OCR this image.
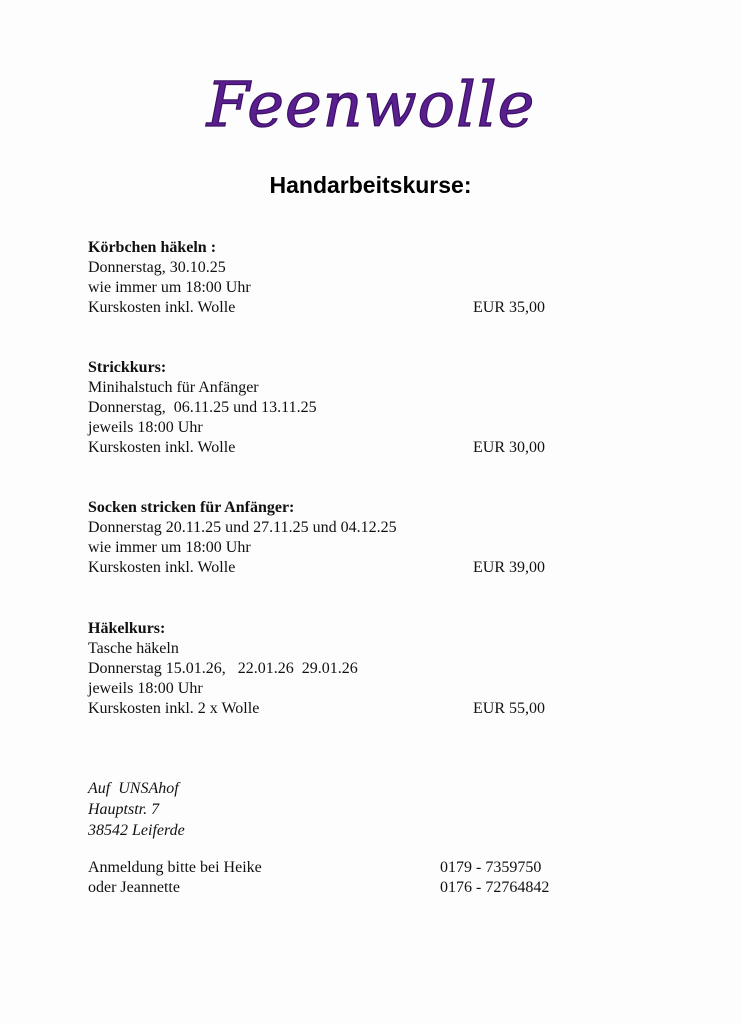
Feenwolle
Handarbeitskurse:
Körbchen häkeln :
Donnerstag, 30.10.25
wie immer um 18:00 Uhr
Kurskosten inkl. Wolle	EUR 35,00
Strickkurs:
Minihalstuch für Anfänger
Donnerstag,  06.11.25 und 13.11.25
jeweils 18:00 Uhr
Kurskosten inkl. Wolle	EUR 30,00
Socken stricken für Anfänger:
Donnerstag 20.11.25 und 27.11.25 und 04.12.25
wie immer um 18:00 Uhr
Kurskosten inkl. Wolle	EUR 39,00
Häkelkurs:
Tasche häkeln
Donnerstag 15.01.26,   22.01.26  29.01.26
jeweils 18:00 Uhr
Kurskosten inkl. 2 x Wolle	EUR 55,00
Auf  UNSAhof
Hauptstr. 7
38542 Leiferde
Anmeldung bitte bei Heike	0179 - 7359750
oder Jeannette	0176 - 72764842
